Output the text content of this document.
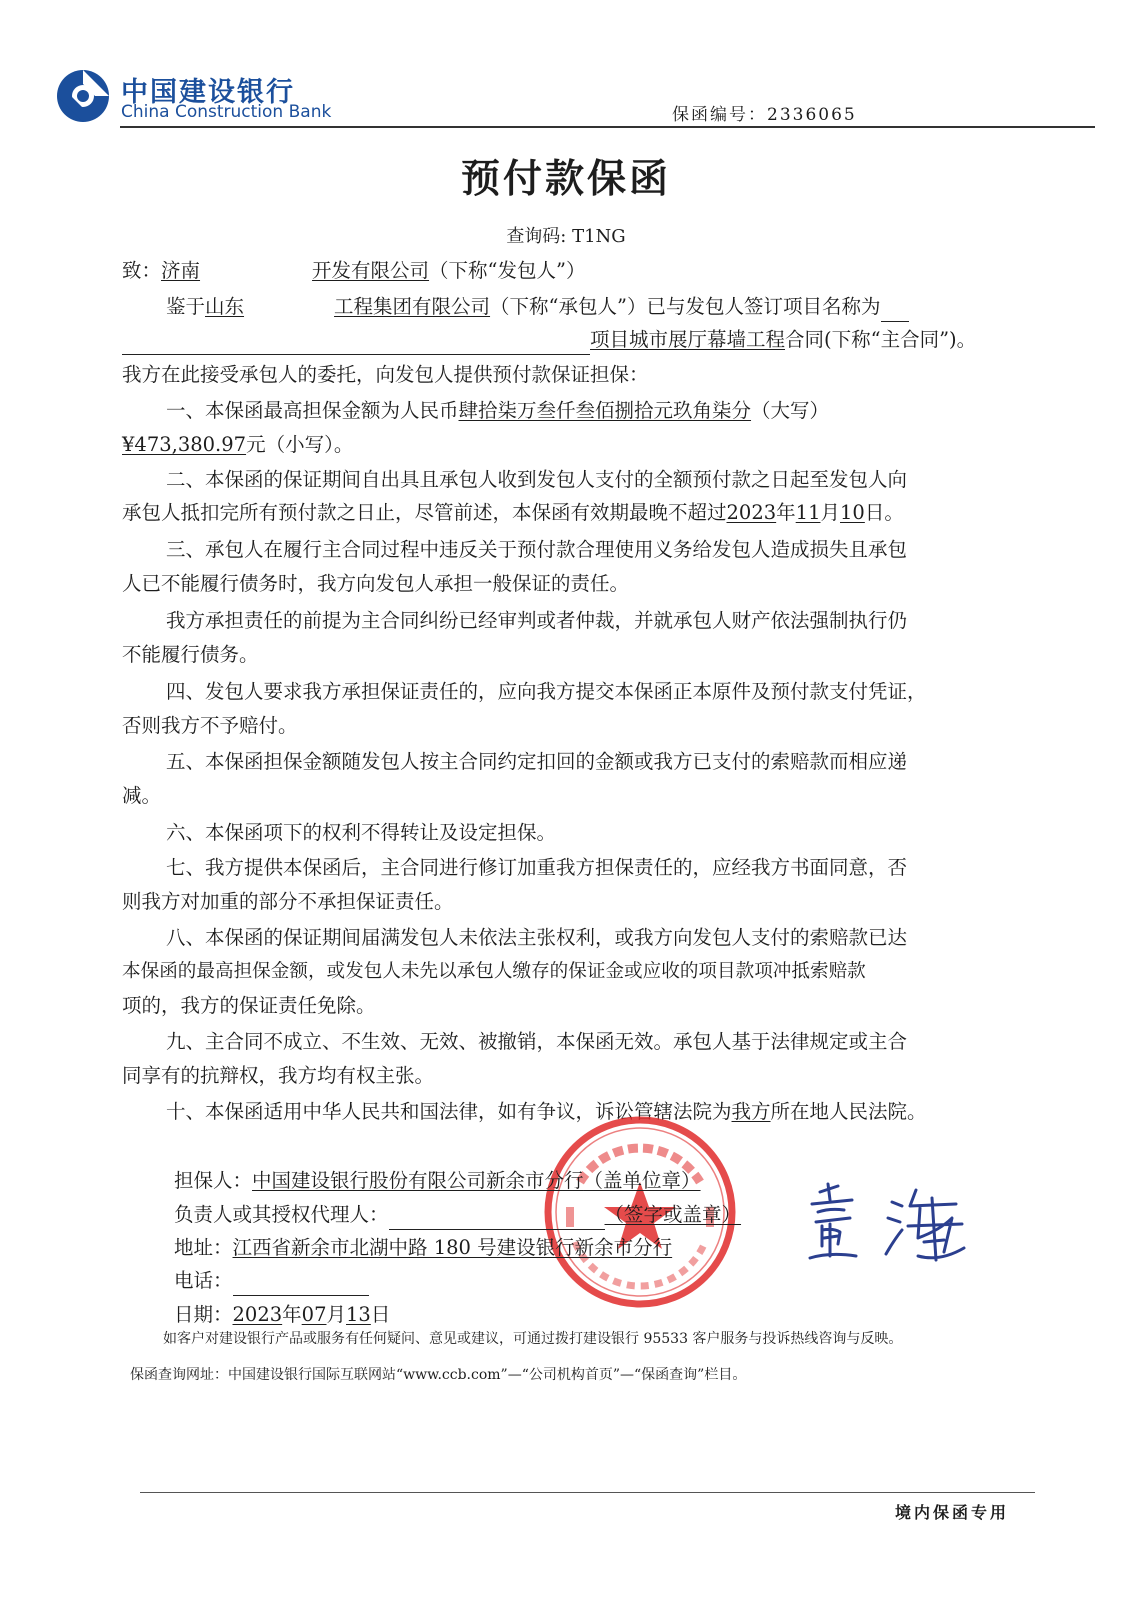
中国建设银行
China Construction Bank	保函编号：2336065
预付款保函
查询码: T1NG
致：济南	开发有限公司（下称“发包人”）
鉴于山东	工程集团有限公司（下称“承包人”）已与发包人签订项目名称为
项目城市展厅幕墙工程合同(下称“主合同”)。
我方在此接受承包人的委托，向发包人提供预付款保证担保：
一、本保函最高担保金额为人民币肆拾柒万叁仟叁佰捌拾元玖角柒分（大写）
¥473,380.97元（小写）。
二、本保函的保证期间自出具且承包人收到发包人支付的全额预付款之日起至发包人向
承包人抵扣完所有预付款之日止，尽管前述，本保函有效期最晚不超过2023年11月10日。
三、承包人在履行主合同过程中违反关于预付款合理使用义务给发包人造成损失且承包
人已不能履行债务时，我方向发包人承担一般保证的责任。
我方承担责任的前提为主合同纠纷已经审判或者仲裁，并就承包人财产依法强制执行仍
不能履行债务。
四、发包人要求我方承担保证责任的，应向我方提交本保函正本原件及预付款支付凭证，
否则我方不予赔付。
五、本保函担保金额随发包人按主合同约定扣回的金额或我方已支付的索赔款而相应递
减。
六、本保函项下的权利不得转让及设定担保。
七、我方提供本保函后，主合同进行修订加重我方担保责任的，应经我方书面同意，否
则我方对加重的部分不承担保证责任。
八、本保函的保证期间届满发包人未依法主张权利，或我方向发包人支付的索赔款已达
本保函的最高担保金额，或发包人未先以承包人缴存的保证金或应收的项目款项冲抵索赔款
项的，我方的保证责任免除。
九、主合同不成立、不生效、无效、被撤销，本保函无效。承包人基于法律规定或主合
同享有的抗辩权，我方均有权主张。
十、本保函适用中华人民共和国法律，如有争议，诉讼管辖法院为我方所在地人民法院。
担保人：中国建设银行股份有限公司新余市分行（盖单位章）
负责人或其授权代理人：	（签字或盖章）
地址：江西省新余市北湖中路 180 号建设银行新余市分行
电话：
日期：2023年07月13日
如客户对建设银行产品或服务有任何疑问、意见或建议，可通过拨打建设银行 95533 客户服务与投诉热线咨询与反映。
保函查询网址：中国建设银行国际互联网站“www.ccb.com”—“公司机构首页”—“保函查询”栏目。
境内保函专用
